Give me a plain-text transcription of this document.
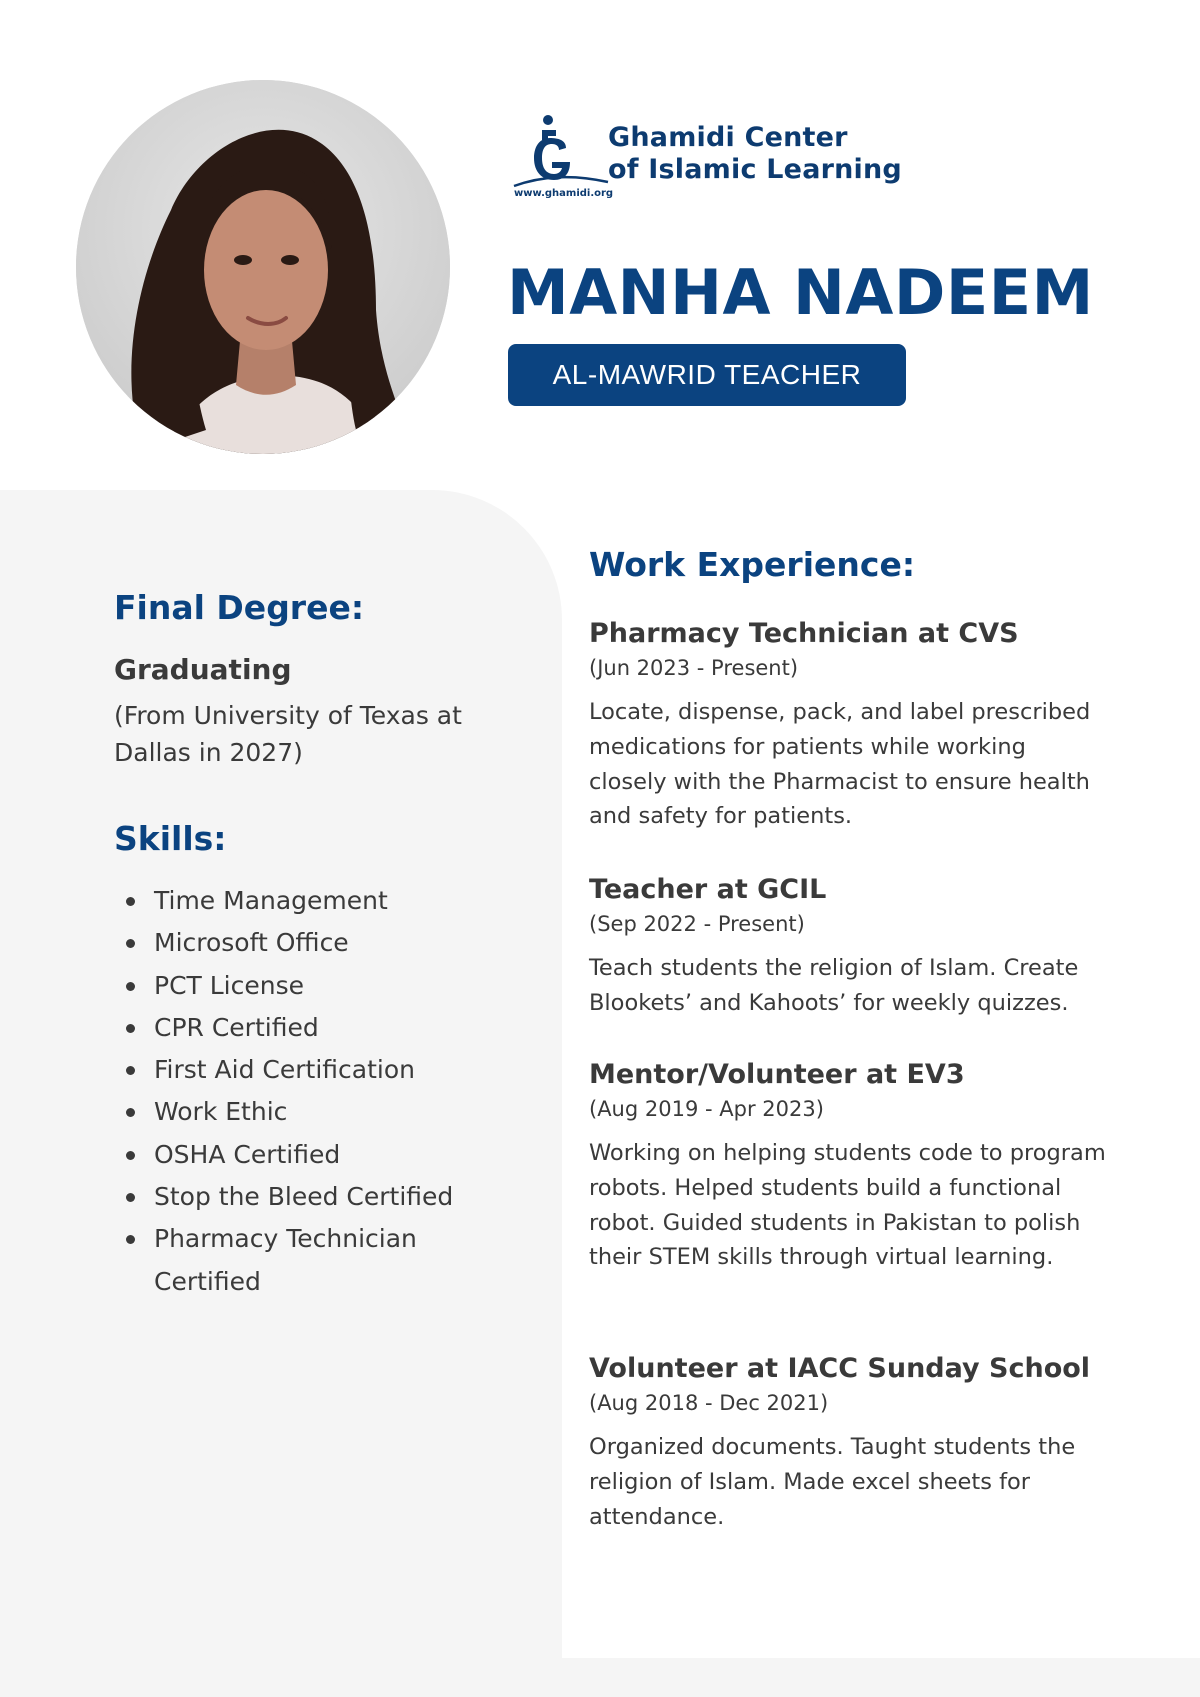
www.ghamidi.org
Ghamidi Center
of Islamic Learning
MANHA NADEEM
AL-MAWRID TEACHER
Final Degree:
Graduating
(From University of Texas at Dallas in 2027)
Skills:
Time Management
Microsoft Office
PCT License
CPR Certified
First Aid Certification
Work Ethic
OSHA Certified
Stop the Bleed Certified
Pharmacy Technician Certified
Work Experience:
Pharmacy Technician at CVS
(Jun 2023 - Present)
Locate, dispense, pack, and label prescribed medications for patients while working closely with the Pharmacist to ensure health and safety for patients.
Teacher at GCIL
(Sep 2022 - Present)
Teach students the religion of Islam. Create Blookets’ and Kahoots’ for weekly quizzes.
Mentor/Volunteer at EV3
(Aug 2019 - Apr 2023)
Working on helping students code to program robots. Helped students build a functional robot. Guided students in Pakistan to polish their STEM skills through virtual learning.
Volunteer at IACC Sunday School
(Aug 2018 - Dec 2021)
Organized documents. Taught students the religion of Islam. Made excel sheets for attendance.
